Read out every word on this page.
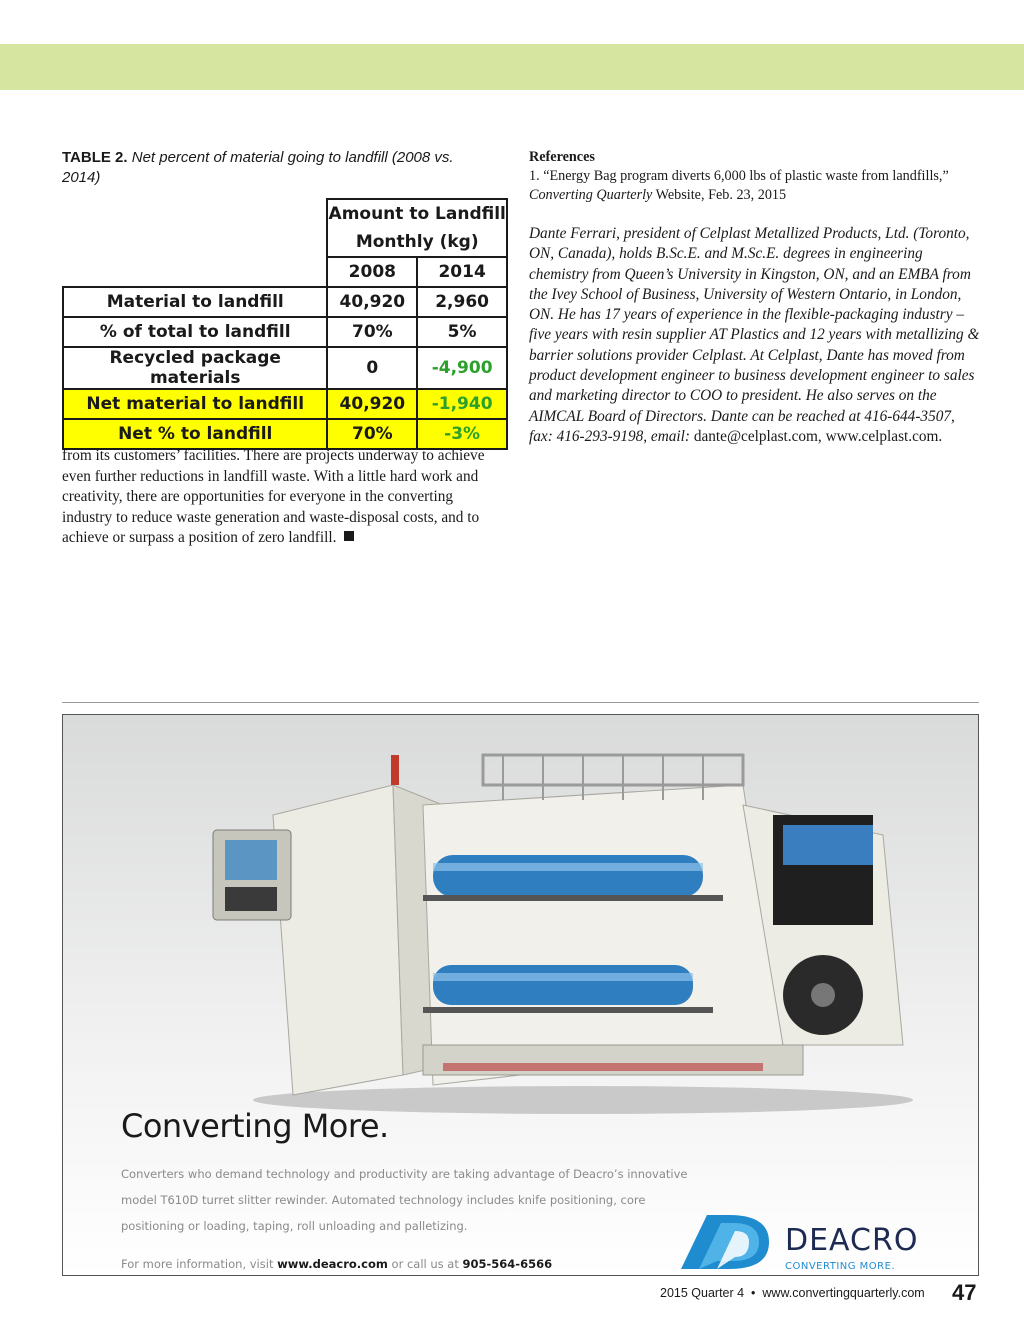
TABLE 2. Net percent of material going to landfill (2008 vs. 2014)

	Amount to Landfill
Monthly (kg)	

	2008	2014
Material to landfill	40,920	2,960
% of total to landfill	70%	5%
Recycled package materials	0	-4,900
Net material to landfill	40,920	-1,940
Net % to landfill	70%	-3%
from its customers’ facilities. There are projects underway to achieve even further reductions in landfill waste. With a little hard work and creativity, there are opportunities for everyone in the converting industry to reduce waste generation and waste-disposal costs, and to achieve or surpass a position of zero landfill.
References
1. “Energy Bag program diverts 6,000 lbs of plastic waste from landfills,” Converting Quarterly Website, Feb. 23, 2015
Dante Ferrari, president of Celplast Metallized Products, Ltd. (Toronto, ON, Canada), holds B.Sc.E. and M.Sc.E. degrees in engineering chemistry from Queen’s University in Kingston, ON, and an EMBA from the Ivey School of Business, University of Western Ontario, in London, ON. He has 17 years of experience in the flexible-packaging industry – five years with resin supplier AT Plastics and 12 years with metallizing & barrier solutions provider Celplast. At Celplast, Dante has moved from product development engineer to business development engineer to sales and marketing director to COO to president. He also serves on the AIMCAL Board of Directors. Dante can be reached at 416-644-3507, fax: 416-293-9198, email: dante@celplast.com, www.celplast.com.
Converting More.
Converters who demand technology and productivity are taking advantage of Deacro’s innovative
model T610D turret slitter rewinder. Automated technology includes knife positioning, core
positioning or loading, taping, roll unloading and palletizing.
For more information, visit www.deacro.com or call us at 905-564-6566
DEACRO
CONVERTING MORE.
2015 Quarter 4 • www.convertingquarterly.com 47
